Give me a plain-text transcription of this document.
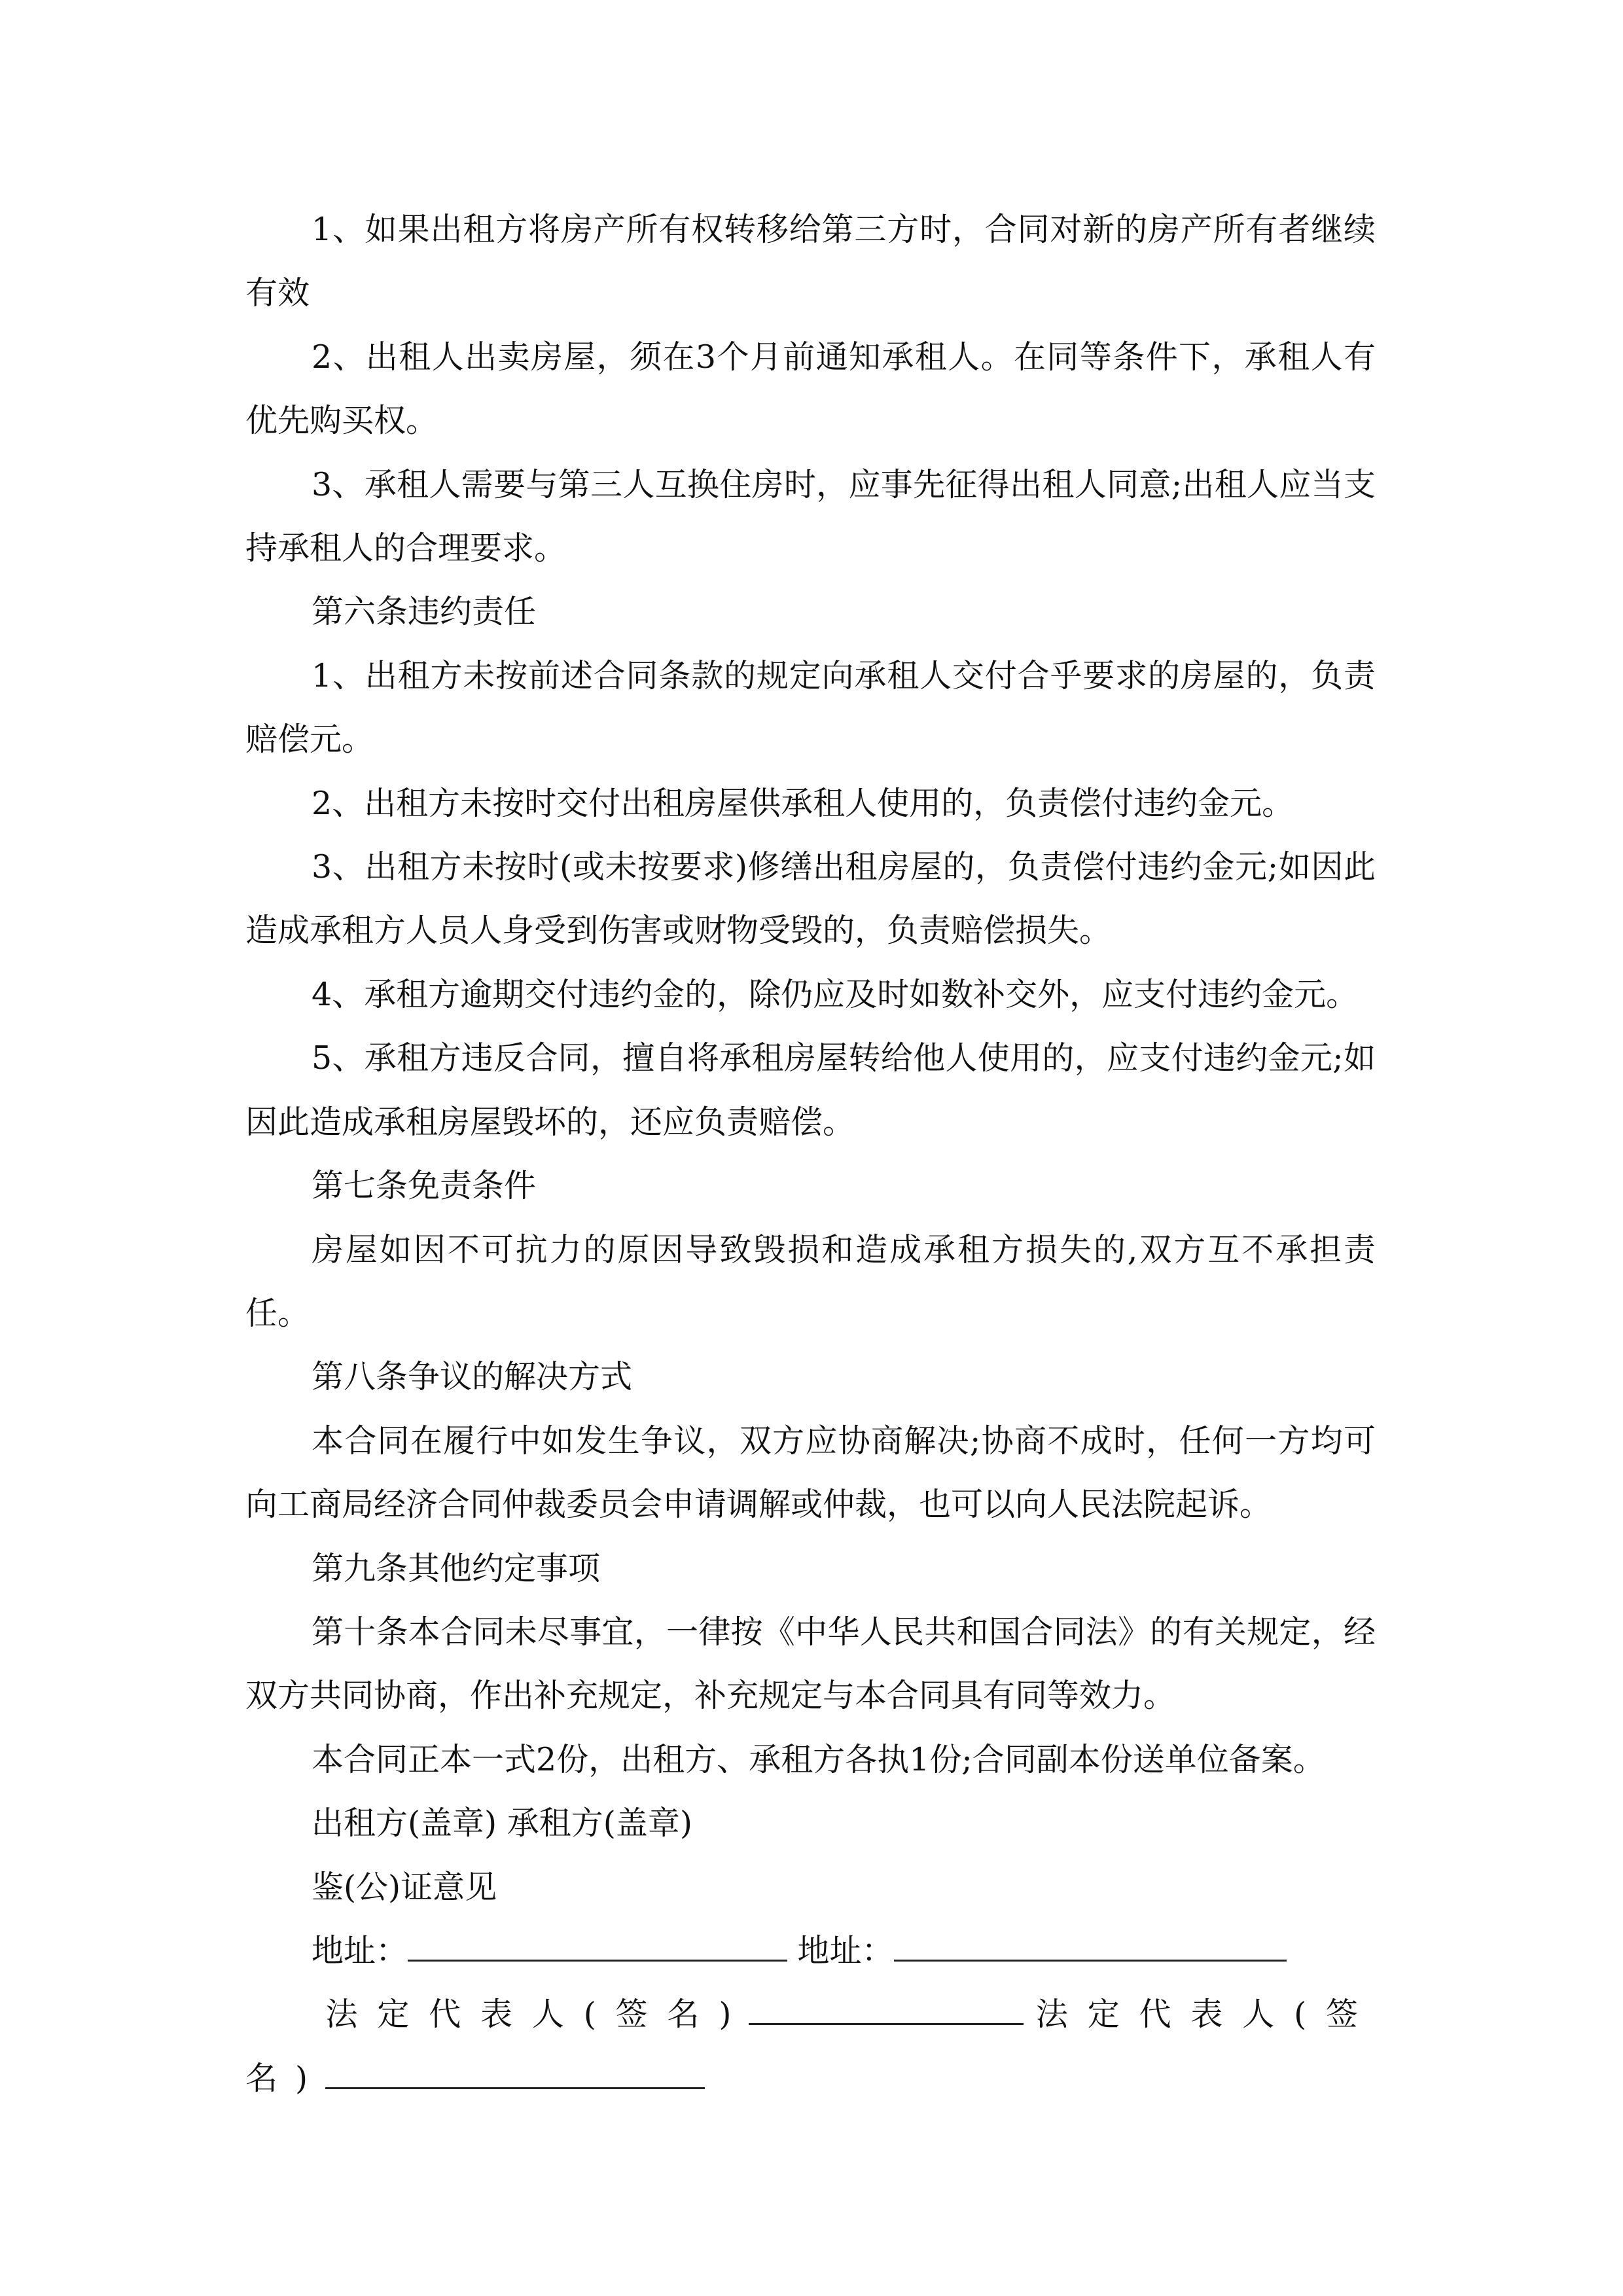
1、如果出租方将房产所有权转移给第三方时，合同对新的房产所有者继续有效

2、出租人出卖房屋，须在3个月前通知承租人。在同等条件下，承租人有优先购买权。

3、承租人需要与第三人互换住房时，应事先征得出租人同意;出租人应当支持承租人的合理要求。

第六条违约责任

1、出租方未按前述合同条款的规定向承租人交付合乎要求的房屋的，负责赔偿元。

2、出租方未按时交付出租房屋供承租人使用的，负责偿付违约金元。

3、出租方未按时(或未按要求)修缮出租房屋的，负责偿付违约金元;如因此造成承租方人员人身受到伤害或财物受毁的，负责赔偿损失。

4、承租方逾期交付违约金的，除仍应及时如数补交外，应支付违约金元。

5、承租方违反合同，擅自将承租房屋转给他人使用的，应支付违约金元;如因此造成承租房屋毁坏的，还应负责赔偿。

第七条免责条件

房屋如因不可抗力的原因导致毁损和造成承租方损失的,双方互不承担责任。

第八条争议的解决方式

本合同在履行中如发生争议，双方应协商解决;协商不成时，任何一方均可向工商局经济合同仲裁委员会申请调解或仲裁，也可以向人民法院起诉。

第九条其他约定事项

第十条本合同未尽事宜，一律按《中华人民共和国合同法》的有关规定，经双方共同协商，作出补充规定，补充规定与本合同具有同等效力。

本合同正本一式2份，出租方、承租方各执1份;合同副本份送单位备案。

出租方(盖章) 承租方(盖章)

鉴(公)证意见

地址：	地址：

法定代表人(签名)	法定代表人(签名)
